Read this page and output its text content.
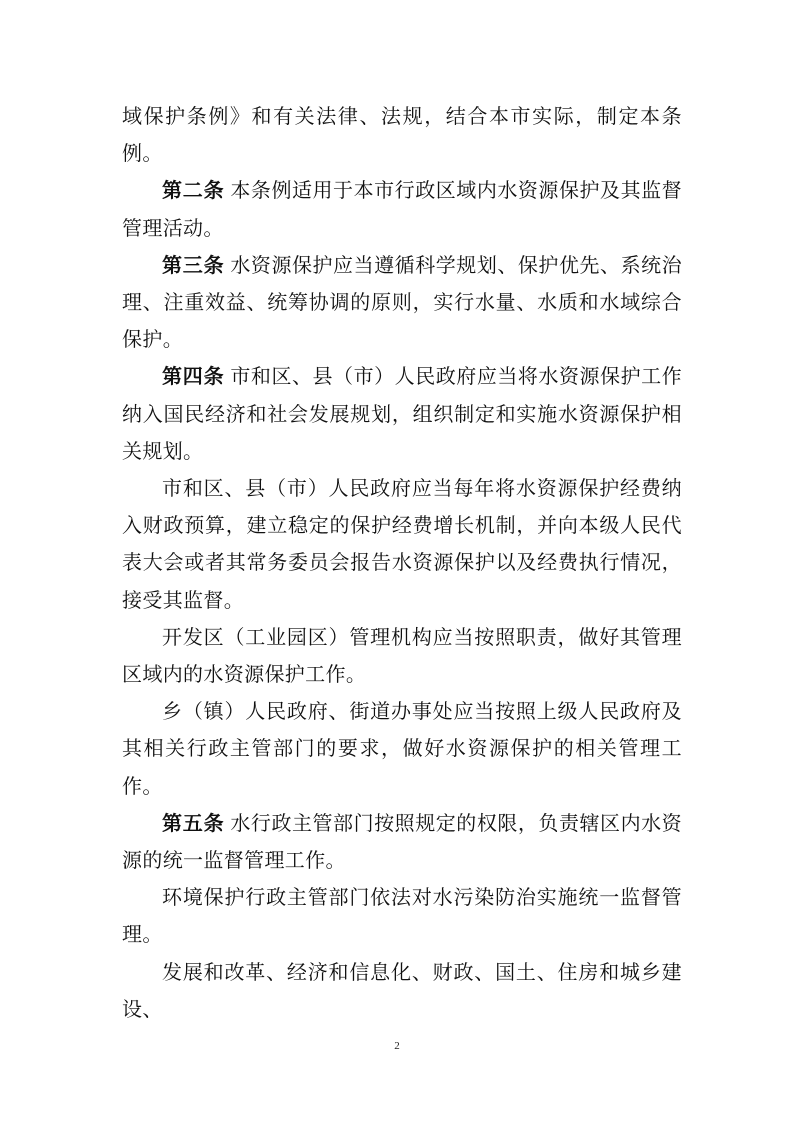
域保护条例》和有关法律、法规，结合本市实际，制定本条例。

第二条 本条例适用于本市行政区域内水资源保护及其监督管理活动。

第三条 水资源保护应当遵循科学规划、保护优先、系统治理、注重效益、统筹协调的原则，实行水量、水质和水域综合保护。

第四条 市和区、县（市）人民政府应当将水资源保护工作纳入国民经济和社会发展规划，组织制定和实施水资源保护相关规划。

市和区、县（市）人民政府应当每年将水资源保护经费纳入财政预算，建立稳定的保护经费增长机制，并向本级人民代表大会或者其常务委员会报告水资源保护以及经费执行情况，接受其监督。

开发区（工业园区）管理机构应当按照职责，做好其管理区域内的水资源保护工作。

乡（镇）人民政府、街道办事处应当按照上级人民政府及其相关行政主管部门的要求，做好水资源保护的相关管理工作。

第五条 水行政主管部门按照规定的权限，负责辖区内水资源的统一监督管理工作。

环境保护行政主管部门依法对水污染防治实施统一监督管理。

发展和改革、经济和信息化、财政、国土、住房和城乡建设、

2
